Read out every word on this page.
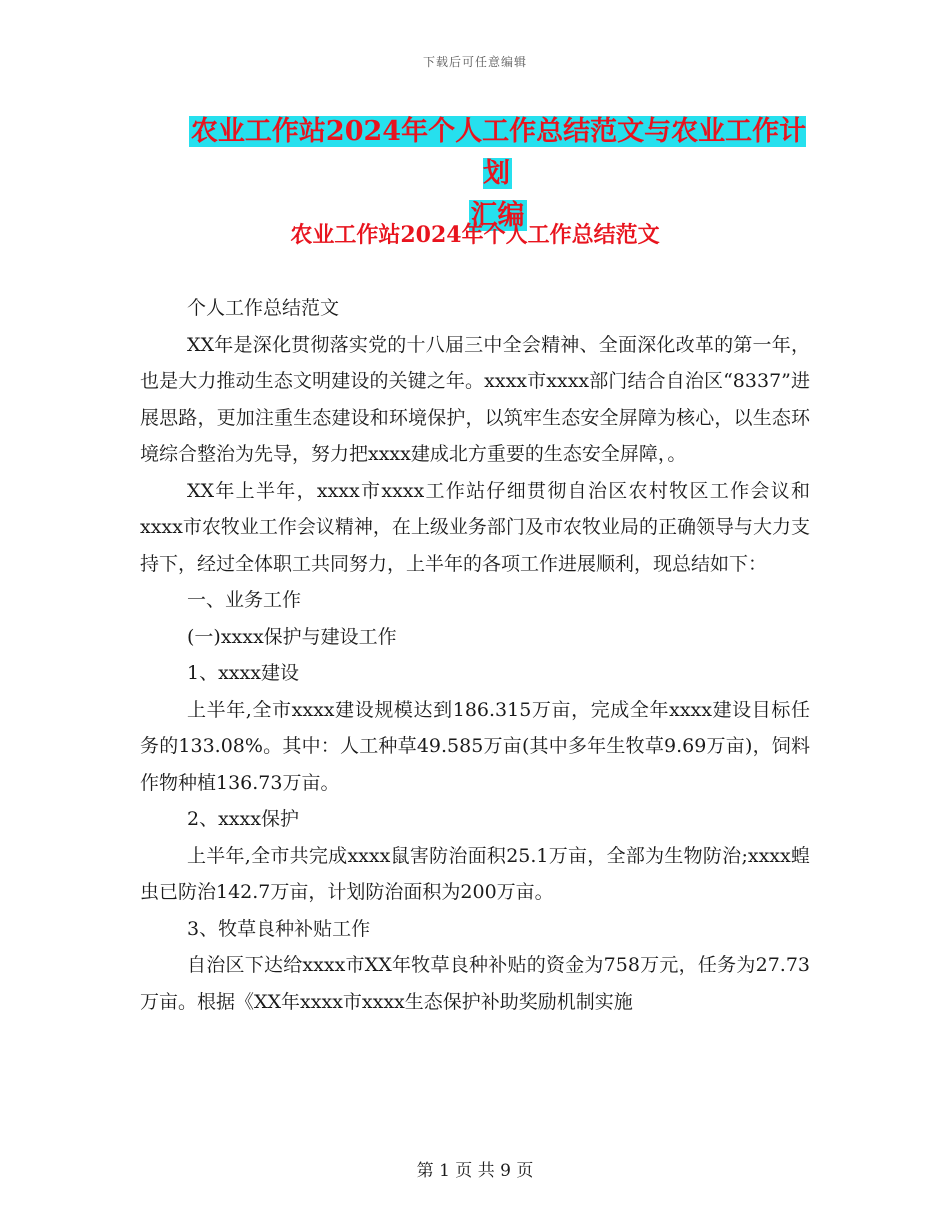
下载后可任意编辑
农业工作站2024年个人工作总结范文与农业工作计划
汇编
农业工作站2024年个人工作总结范文

个人工作总结范文

XX年是深化贯彻落实党的十八届三中全会精神、全面深化改革的第一年，也是大力推动生态文明建设的关键之年。xxxx市xxxx部门结合自治区“8337”进展思路，更加注重生态建设和环境保护，以筑牢生态安全屏障为核心，以生态环境综合整治为先导，努力把xxxx建成北方重要的生态安全屏障，。

XX年上半年，xxxx市xxxx工作站仔细贯彻自治区农村牧区工作会议和xxxx市农牧业工作会议精神，在上级业务部门及市农牧业局的正确领导与大力支持下，经过全体职工共同努力，上半年的各项工作进展顺利，现总结如下：

一、业务工作

(一)xxxx保护与建设工作

1、xxxx建设

上半年,全市xxxx建设规模达到186.315万亩，完成全年xxxx建设目标任务的133.08%。其中：人工种草49.585万亩(其中多年生牧草9.69万亩)，饲料作物种植136.73万亩。

2、xxxx保护

上半年,全市共完成xxxx鼠害防治面积25.1万亩，全部为生物防治;xxxx蝗虫已防治142.7万亩，计划防治面积为200万亩。

3、牧草良种补贴工作

自治区下达给xxxx市XX年牧草良种补贴的资金为758万元，任务为27.73万亩。根据《XX年xxxx市xxxx生态保护补助奖励机制实施

第 1 页 共 9 页
